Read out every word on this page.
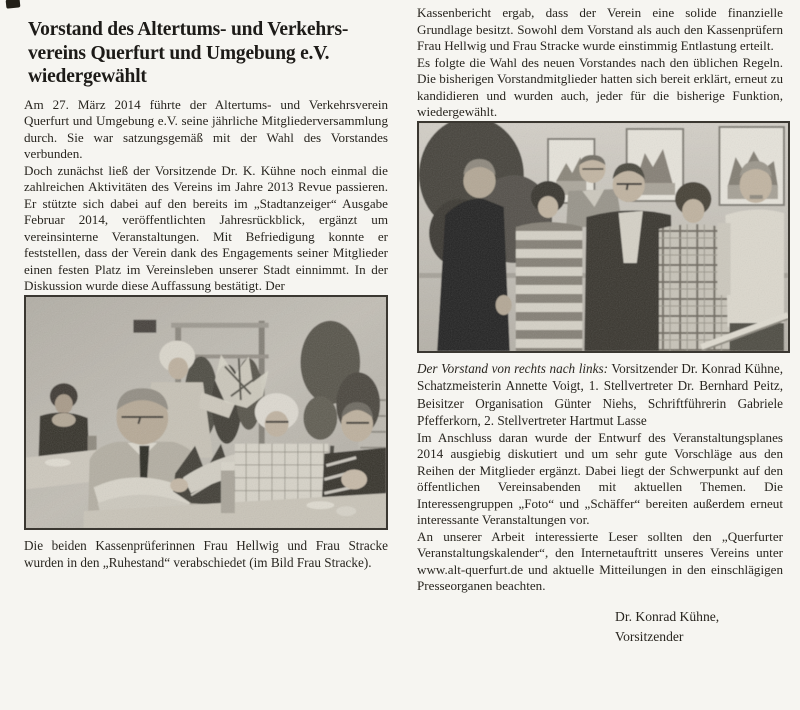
Vorstand des Altertums- und Verkehrs-
vereins Querfurt und Umgebung e.V.
wiedergewählt

Am 27. März 2014 führte der Altertums- und Verkehrsverein Querfurt und Umgebung e.V. seine jährliche Mitgliederversammlung durch. Sie war satzungsgemäß mit der Wahl des Vorstandes verbunden.

Doch zunächst ließ der Vorsitzende Dr. K. Kühne noch einmal die zahlreichen Aktivitäten des Vereins im Jahre 2013 Revue passieren. Er stützte sich dabei auf den bereits im „Stadtanzeiger“ Ausgabe Februar 2014, veröffentlichten Jahresrückblick, ergänzt um vereinsinterne Veranstaltungen. Mit Befriedigung konnte er feststellen, dass der Verein dank des Engagements seiner Mitglieder einen festen Platz im Vereinsleben unserer Stadt einnimmt. In der Diskussion wurde diese Auffassung bestätigt. Der

Die beiden Kassenprüferinnen Frau Hellwig und Frau Stracke wurden in den „Ruhestand“ verabschiedet (im Bild Frau Stracke).

Kassenbericht ergab, dass der Verein eine solide finanzielle Grundlage besitzt. Sowohl dem Vorstand als auch den Kassenprüfern Frau Hellwig und Frau Stracke wurde einstimmig Entlastung erteilt.

Es folgte die Wahl des neuen Vorstandes nach den üblichen Regeln. Die bisherigen Vorstandmitglieder hatten sich bereit erklärt, erneut zu kandidieren und wurden auch, jeder für die bisherige Funktion, wiedergewählt.

Der Vorstand von rechts nach links: Vorsitzender Dr. Konrad Kühne, Schatzmeisterin Annette Voigt, 1. Stellvertreter Dr. Bernhard Peitz, Beisitzer Organisation Günter Niehs, Schriftführerin Gabriele Pfefferkorn, 2. Stellvertreter Hartmut Lasse

Im Anschluss daran wurde der Entwurf des Veranstaltungsplanes 2014 ausgiebig diskutiert und um sehr gute Vorschläge aus den Reihen der Mitglieder ergänzt. Dabei liegt der Schwerpunkt auf den öffentlichen Vereinsabenden mit aktuellen Themen. Die Interessengruppen „Foto“ und „Schäffer“ bereiten außerdem erneut interessante Veranstaltungen vor.

An unserer Arbeit interessierte Leser sollten den „Querfurter Veranstaltungskalender“, den Internetauftritt unseres Vereins unter www.alt-querfurt.de und aktuelle Mitteilungen in den einschlägigen Presseorganen beachten.

Dr. Konrad Kühne,
Vorsitzender
